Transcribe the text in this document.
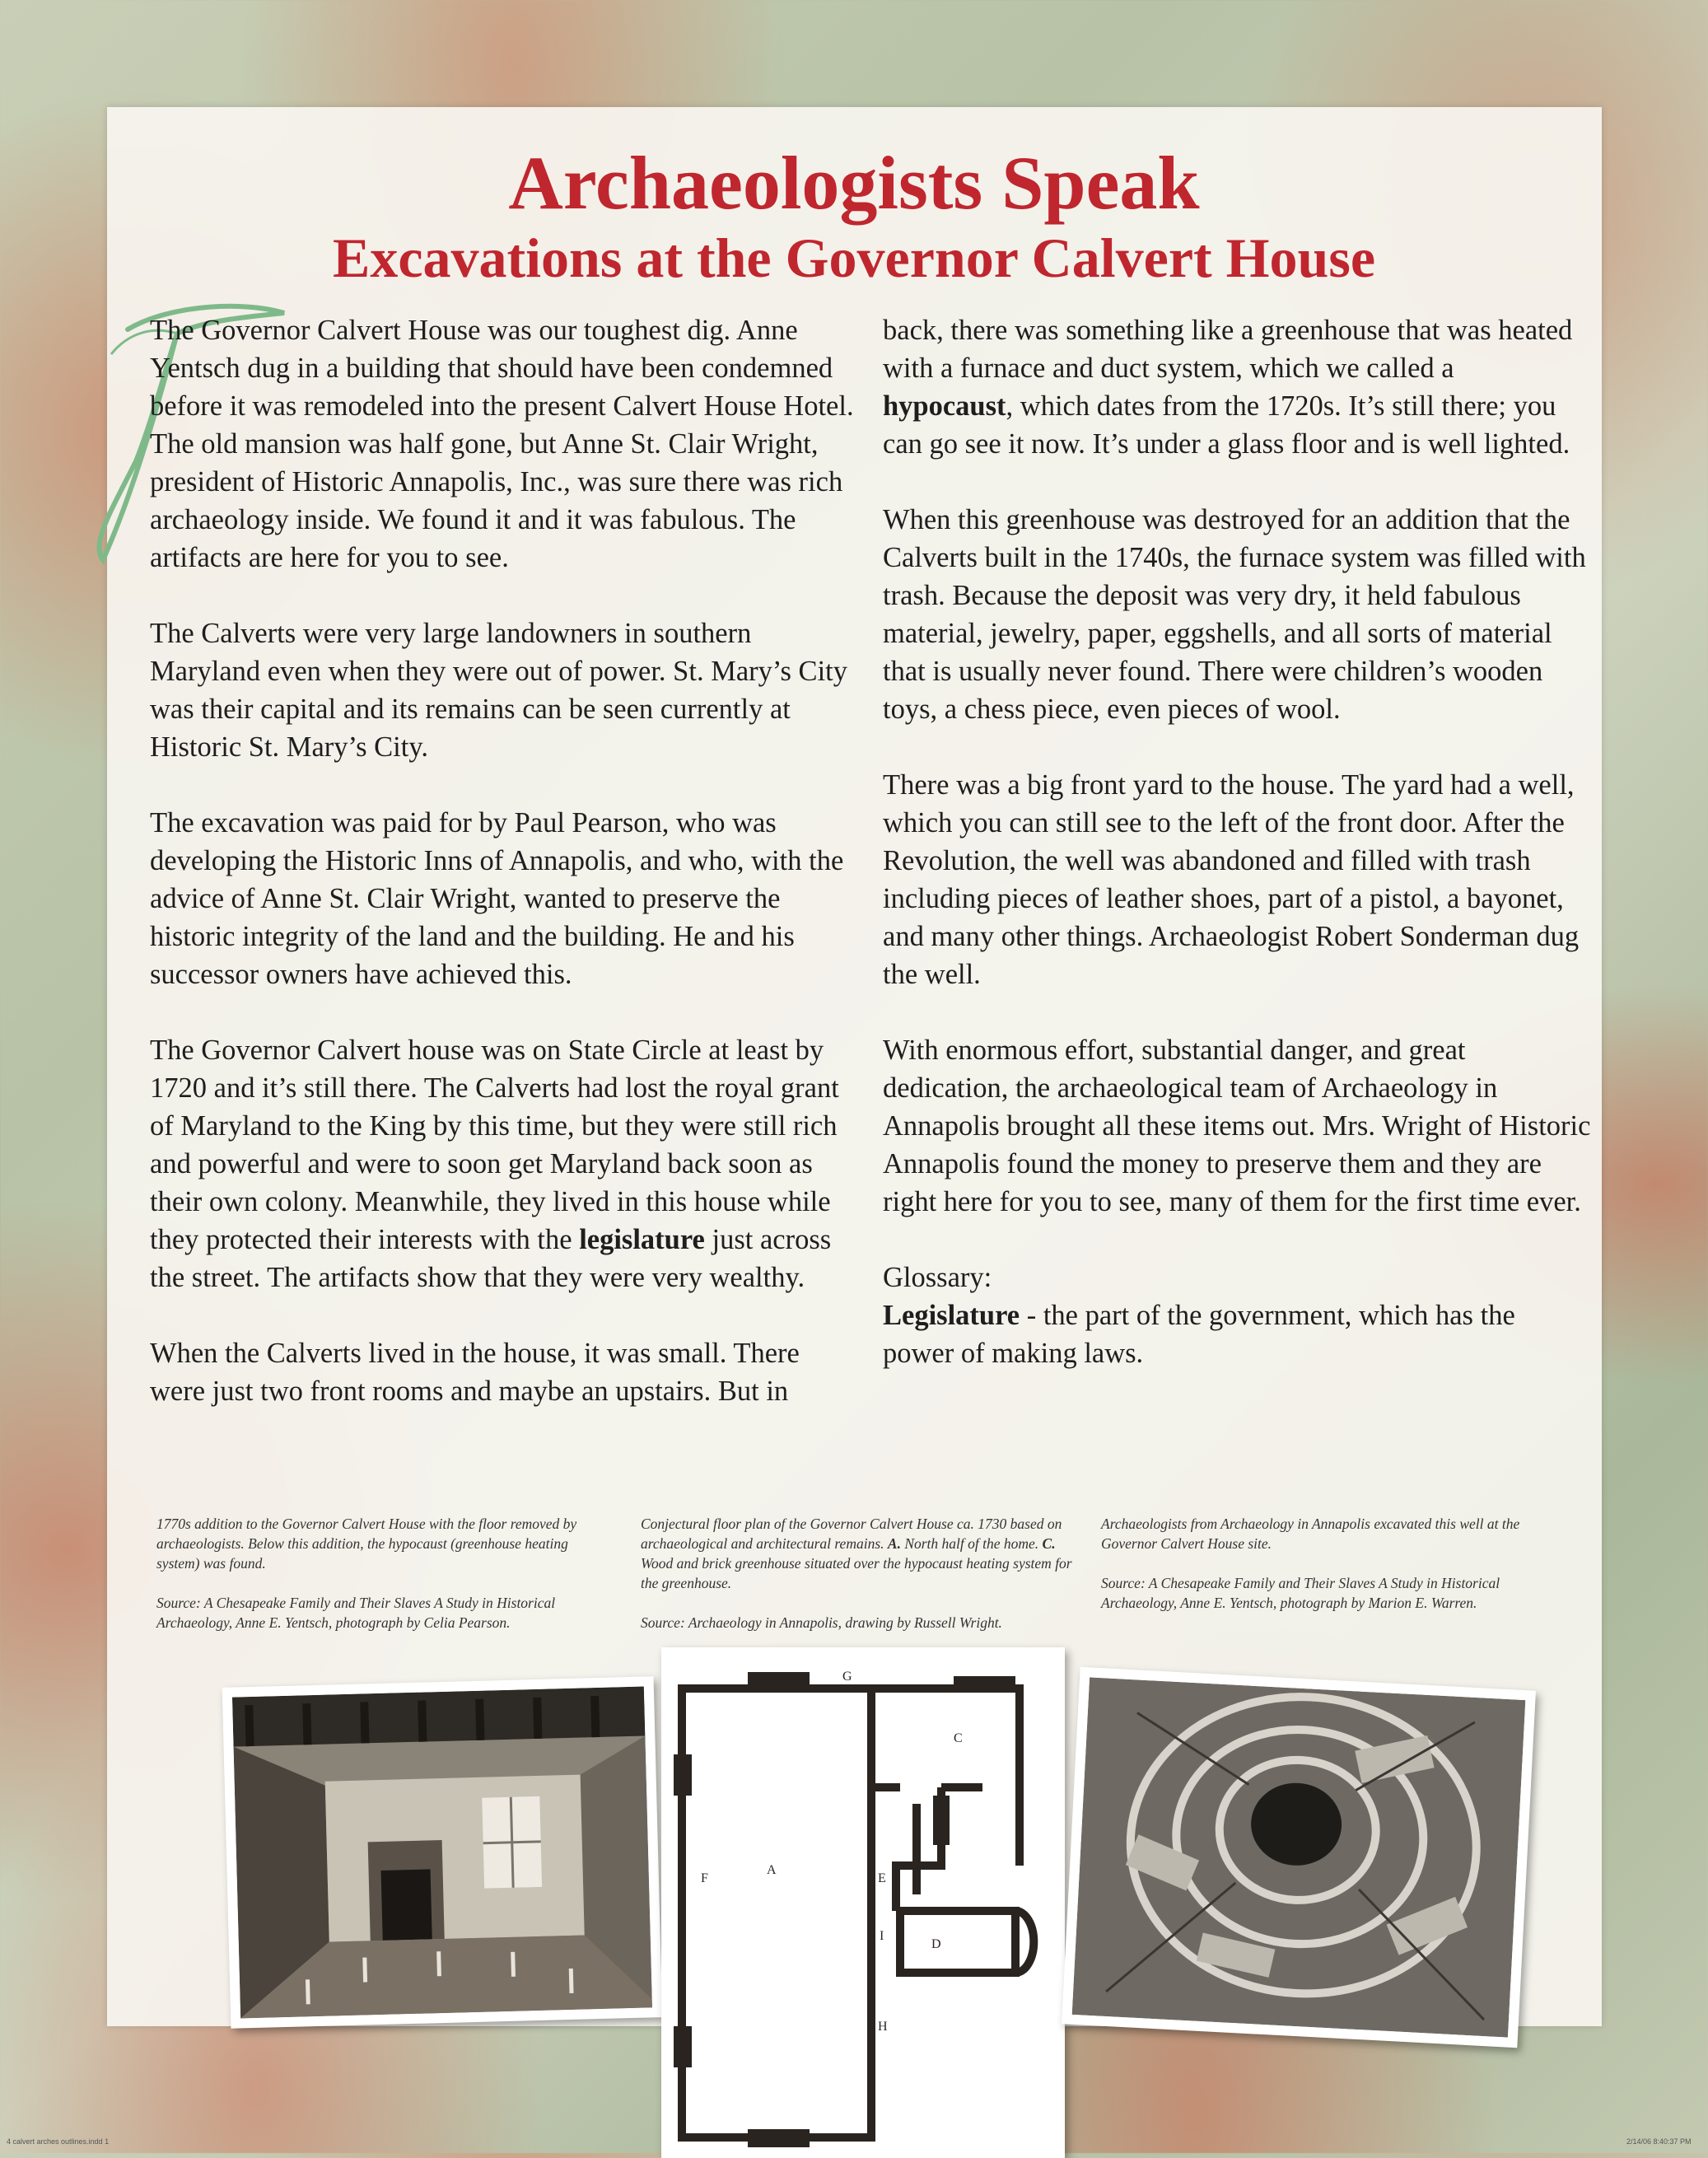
Archaeologists Speak
Excavations at the Governor Calvert House

The Governor Calvert House was our toughest dig. Anne Yentsch dug in a building that should have been condemned before it was remodeled into the present Calvert House Hotel. The old mansion was half gone, but Anne St. Clair Wright, president of Historic Annapolis, Inc., was sure there was rich archaeology inside. We found it and it was fabulous. The artifacts are here for you to see.

The Calverts were very large landowners in southern Maryland even when they were out of power. St. Mary’s City was their capital and its remains can be seen currently at Historic St. Mary’s City.

The excavation was paid for by Paul Pearson, who was developing the Historic Inns of Annapolis, and who, with the advice of Anne St. Clair Wright, wanted to preserve the historic integrity of the land and the building. He and his successor owners have achieved this.

The Governor Calvert house was on State Circle at least by 1720 and it’s still there. The Calverts had lost the royal grant of Maryland to the King by this time, but they were still rich and powerful and were to soon get Maryland back soon as their own colony. Meanwhile, they lived in this house while they protected their interests with the legislature just across the street. The artifacts show that they were very wealthy.

When the Calverts lived in the house, it was small. There were just two front rooms and maybe an upstairs. But in

back, there was something like a greenhouse that was heated with a furnace and duct system, which we called a hypocaust, which dates from the 1720s. It’s still there; you can go see it now. It’s under a glass floor and is well lighted.

When this greenhouse was destroyed for an addition that the Calverts built in the 1740s, the furnace system was filled with trash. Because the deposit was very dry, it held fabulous material, jewelry, paper, eggshells, and all sorts of material that is usually never found. There were children’s wooden toys, a chess piece, even pieces of wool.

There was a big front yard to the house. The yard had a well, which you can still see to the left of the front door. After the Revolution, the well was abandoned and filled with trash including pieces of leather shoes, part of a pistol, a bayonet, and many other things. Archaeologist Robert Sonderman dug the well.

With enormous effort, substantial danger, and great dedication, the archaeological team of Archaeology in Annapolis brought all these items out. Mrs. Wright of Historic Annapolis found the money to preserve them and they are right here for you to see, many of them for the first time ever.

Glossary:
Legislature - the part of the government, which has the power of making laws.

1770s addition to the Governor Calvert House with the floor removed by archaeologists. Below this addition, the hypocaust (greenhouse heating system) was found.

Source: A Chesapeake Family and Their Slaves A Study in Historical Archaeology, Anne E. Yentsch, photograph by Celia Pearson.

Conjectural floor plan of the Governor Calvert House ca. 1730 based on archaeological and architectural remains. A. North half of the home. C. Wood and brick greenhouse situated over the hypocaust heating system for the greenhouse.

Source: Archaeology in Annapolis, drawing by Russell Wright.

Archaeologists from Archaeology in Annapolis excavated this well at the Governor Calvert House site.

Source: A Chesapeake Family and Their Slaves A Study in Historical Archaeology, Anne E. Yentsch, photograph by Marion E. Warren.

A
C
D
E
F
G
H
I
4 calvert arches outlines.indd 1	2/14/06 8:40:37 PM
